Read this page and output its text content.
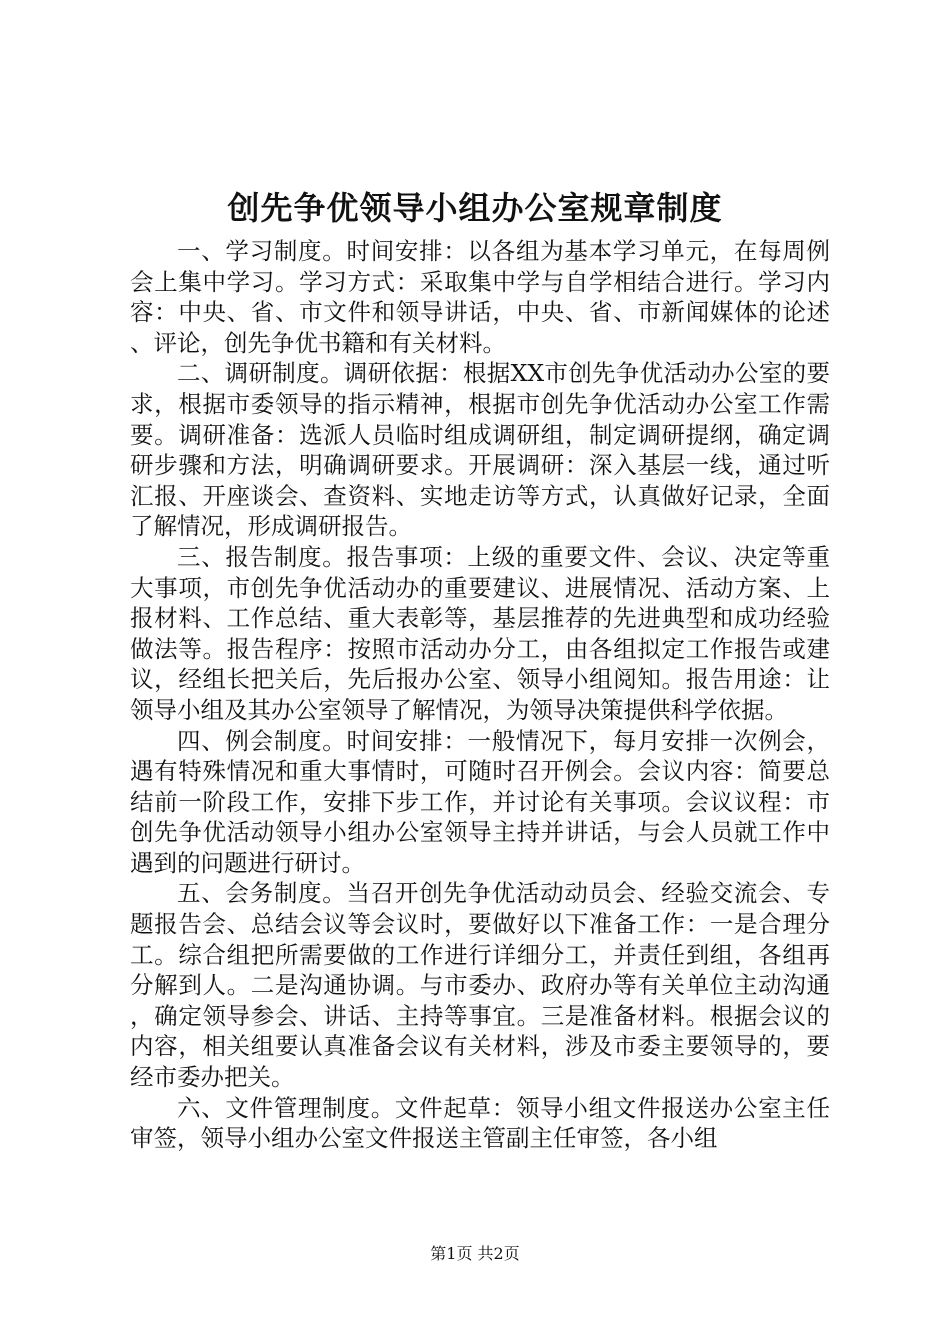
创先争优领导小组办公室规章制度

一、学习制度。时间安排：以各组为基本学习单元，在每周例会上集中学习。学习方式：采取集中学与自学相结合进行。学习内容：中央、省、市文件和领导讲话，中央、省、市新闻媒体的论述、评论，创先争优书籍和有关材料。

二、调研制度。调研依据：根据XX市创先争优活动办公室的要求，根据市委领导的指示精神，根据市创先争优活动办公室工作需要。调研准备：选派人员临时组成调研组，制定调研提纲，确定调研步骤和方法，明确调研要求。开展调研：深入基层一线，通过听汇报、开座谈会、查资料、实地走访等方式，认真做好记录，全面了解情况，形成调研报告。

三、报告制度。报告事项：上级的重要文件、会议、决定等重大事项，市创先争优活动办的重要建议、进展情况、活动方案、上报材料、工作总结、重大表彰等，基层推荐的先进典型和成功经验做法等。报告程序：按照市活动办分工，由各组拟定工作报告或建议，经组长把关后，先后报办公室、领导小组阅知。报告用途：让领导小组及其办公室领导了解情况，为领导决策提供科学依据。

四、例会制度。时间安排：一般情况下，每月安排一次例会，遇有特殊情况和重大事情时，可随时召开例会。会议内容：简要总结前一阶段工作，安排下步工作，并讨论有关事项。会议议程：市创先争优活动领导小组办公室领导主持并讲话，与会人员就工作中遇到的问题进行研讨。

五、会务制度。当召开创先争优活动动员会、经验交流会、专题报告会、总结会议等会议时，要做好以下准备工作：一是合理分工。综合组把所需要做的工作进行详细分工，并责任到组，各组再分解到人。二是沟通协调。与市委办、政府办等有关单位主动沟通，确定领导参会、讲话、主持等事宜。三是准备材料。根据会议的内容，相关组要认真准备会议有关材料，涉及市委主要领导的，要经市委办把关。

六、文件管理制度。文件起草：领导小组文件报送办公室主任审签，领导小组办公室文件报送主管副主任审签，各小组

第1页 共2页
